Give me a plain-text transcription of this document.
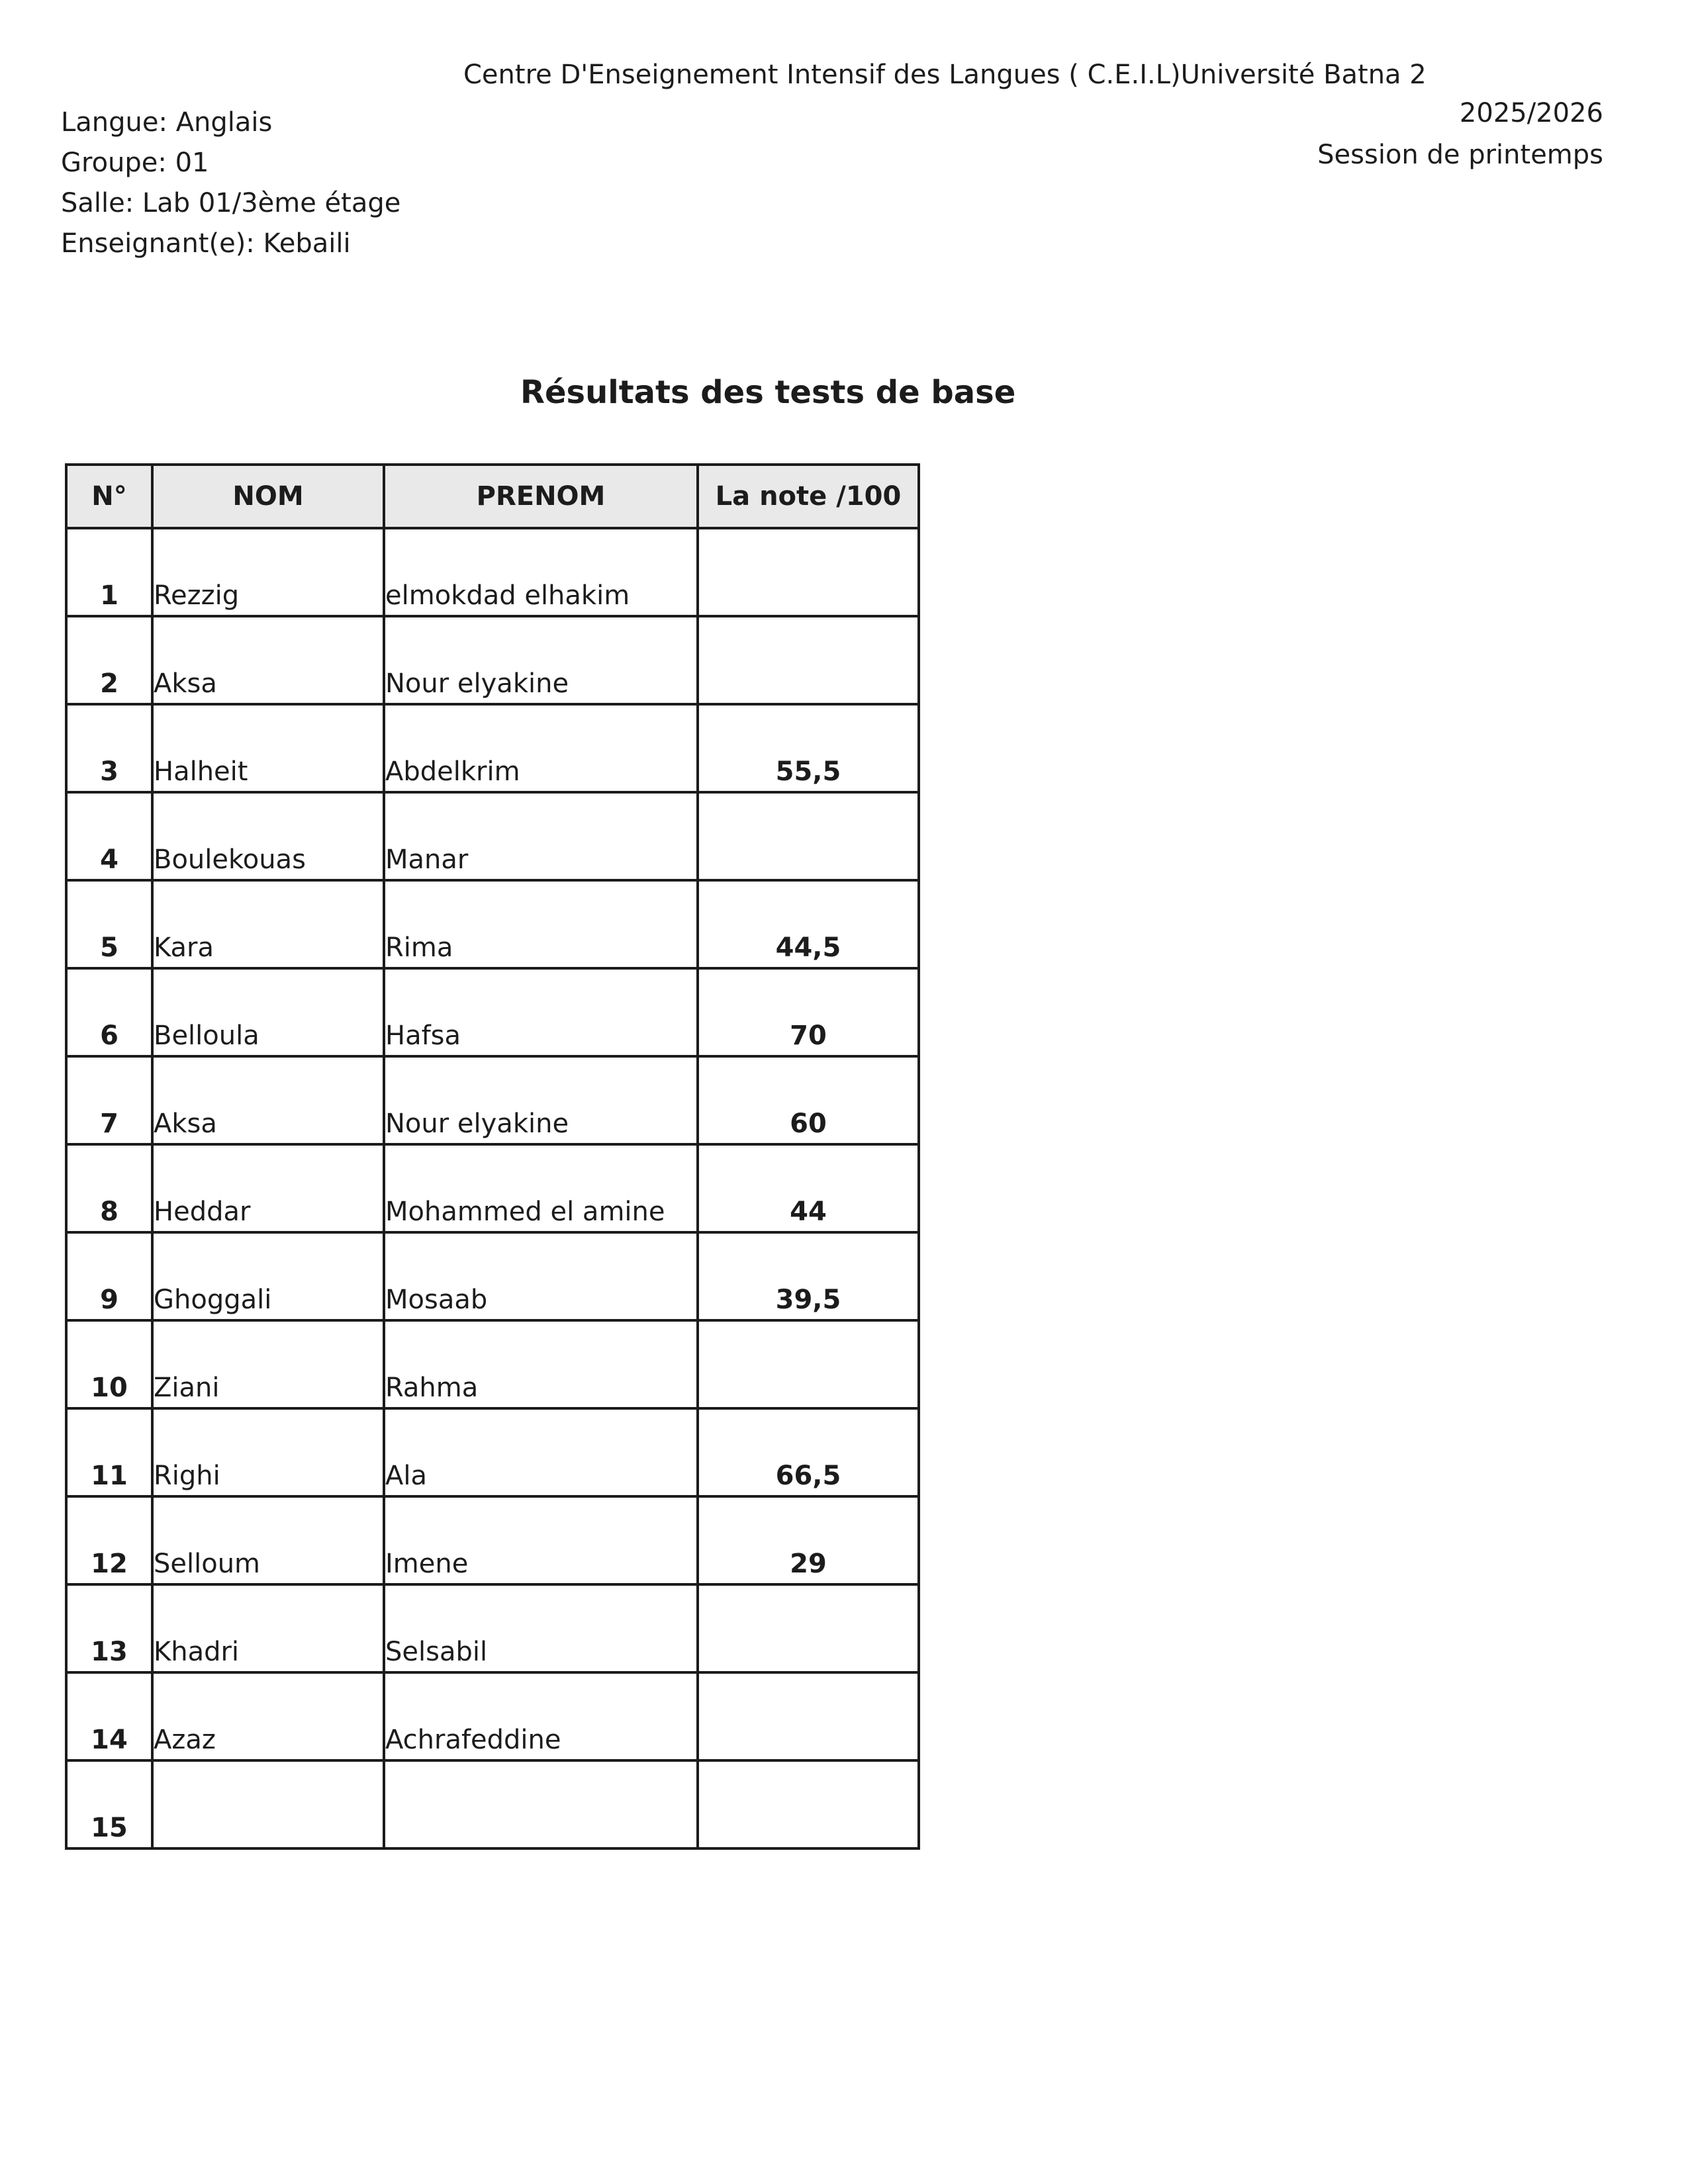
Centre D'Enseignement Intensif des Langues ( C.E.I.L)Université Batna 2
Langue: Anglais
Groupe: 01
Salle: Lab 01/3ème étage
Enseignant(e): Kebaili
2025/2026
Session de printemps
Résultats des tests de base
N°	NOM	PRENOM	La note /100
1	Rezzig	elmokdad elhakim	
2	Aksa	Nour elyakine	
3	Halheit	Abdelkrim	55,5
4	Boulekouas	Manar	
5	Kara	Rima	44,5
6	Belloula	Hafsa	70
7	Aksa	Nour elyakine	60
8	Heddar	Mohammed el amine	44
9	Ghoggali	Mosaab	39,5
10	Ziani	Rahma	
11	Righi	Ala	66,5
12	Selloum	Imene	29
13	Khadri	Selsabil	
14	Azaz	Achrafeddine	
15			
